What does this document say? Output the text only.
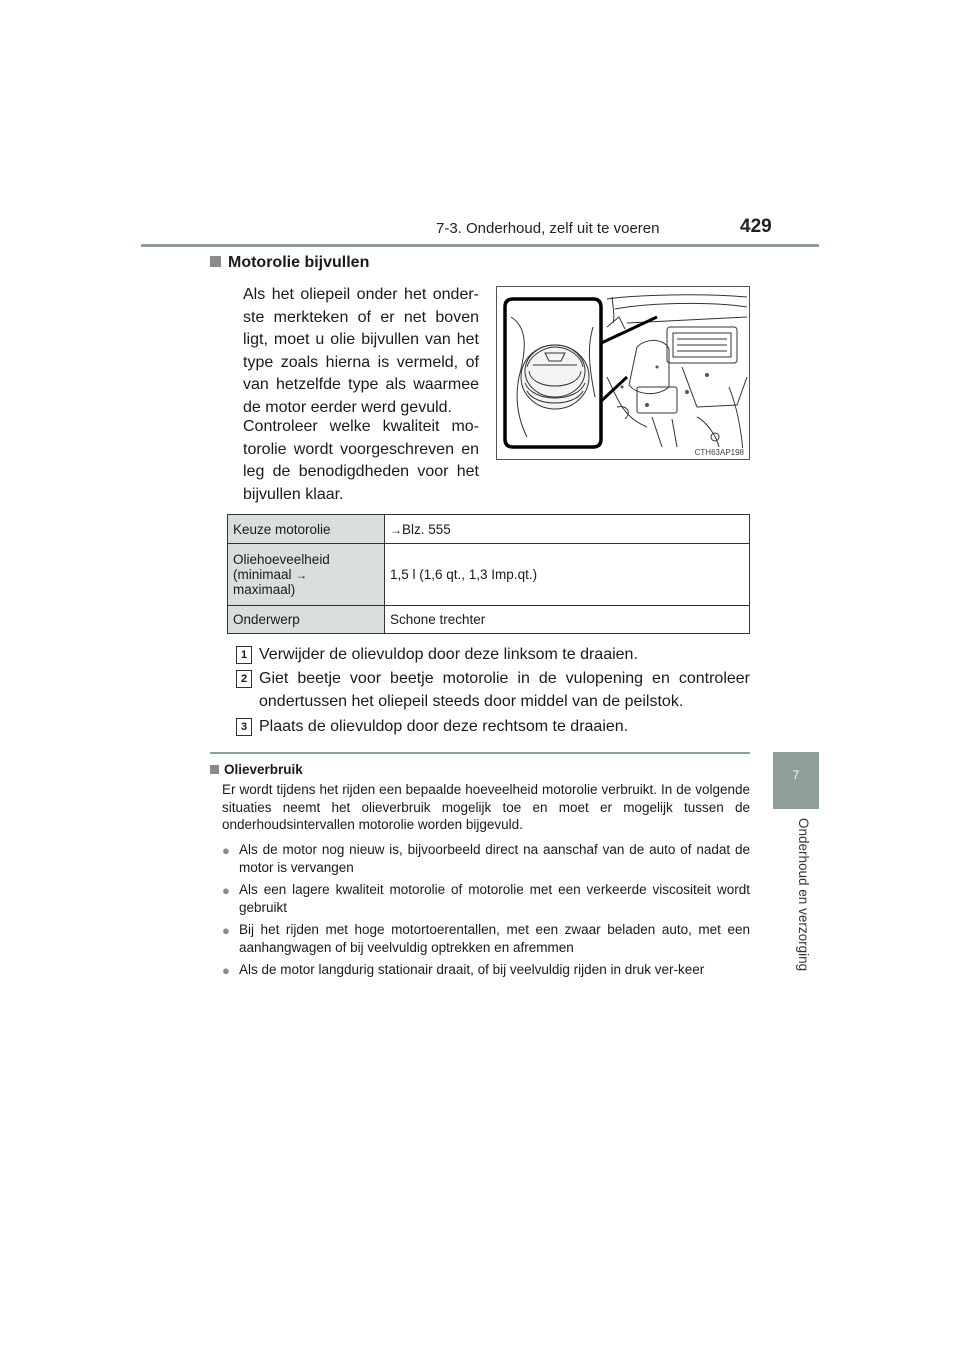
7-3. Onderhoud, zelf uit te voeren	429
7
Onderhoud en verzorging
Motorolie bijvullen
Als het oliepeil onder het onder-ste merkteken of er net boven ligt, moet u olie bijvullen van het type zoals hierna is vermeld, of van hetzelfde type als waarmee de motor eerder werd gevuld.
Controleer welke kwaliteit mo-torolie wordt voorgeschreven en leg de benodigdheden voor het bijvullen klaar.
CTH63AP198
Keuze motorolie	→Blz. 555
Oliehoeveelheid (minimaal →
maximaal)	1,5 l (1,6 qt., 1,3 Imp.qt.)
Onderwerp	Schone trechter
1 Verwijder de olievuldop door deze linksom te draaien.
2 Giet beetje voor beetje motorolie in de vulopening en controleer ondertussen het oliepeil steeds door middel van de peilstok.
3 Plaats de olievuldop door deze rechtsom te draaien.
Olieverbruik
Er wordt tijdens het rijden een bepaalde hoeveelheid motorolie verbruikt. In de volgende situaties neemt het olieverbruik mogelijk toe en moet er mogelijk tussen de onderhoudsintervallen motorolie worden bijgevuld.
● Als de motor nog nieuw is, bijvoorbeeld direct na aanschaf van de auto of nadat de motor is vervangen
● Als een lagere kwaliteit motorolie of motorolie met een verkeerde viscositeit wordt gebruikt
● Bij het rijden met hoge motortoerentallen, met een zwaar beladen auto, met een aanhangwagen of bij veelvuldig optrekken en afremmen
● Als de motor langdurig stationair draait, of bij veelvuldig rijden in druk ver-keer
